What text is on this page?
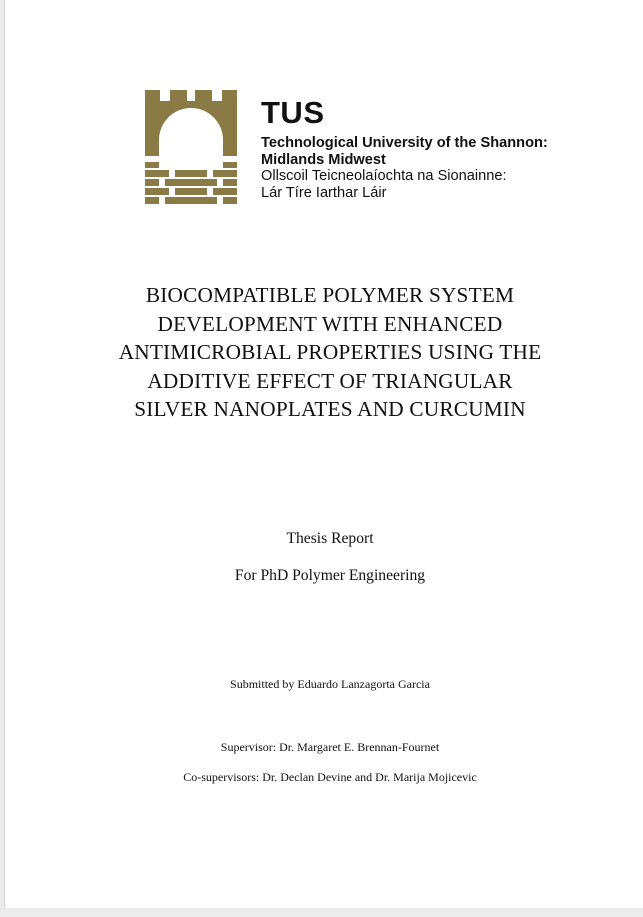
TUS
Technological University of the Shannon:
Midlands Midwest
Ollscoil Teicneolaíochta na Sionainne:
Lár Tíre Iarthar Láir
BIOCOMPATIBLE POLYMER SYSTEM
DEVELOPMENT WITH ENHANCED
ANTIMICROBIAL PROPERTIES USING THE
ADDITIVE EFFECT OF TRIANGULAR
SILVER NANOPLATES AND CURCUMIN
Thesis Report
For PhD Polymer Engineering
Submitted by Eduardo Lanzagorta Garcia
Supervisor: Dr. Margaret E. Brennan-Fournet
Co-supervisors: Dr. Declan Devine and Dr. Marija Mojicevic
